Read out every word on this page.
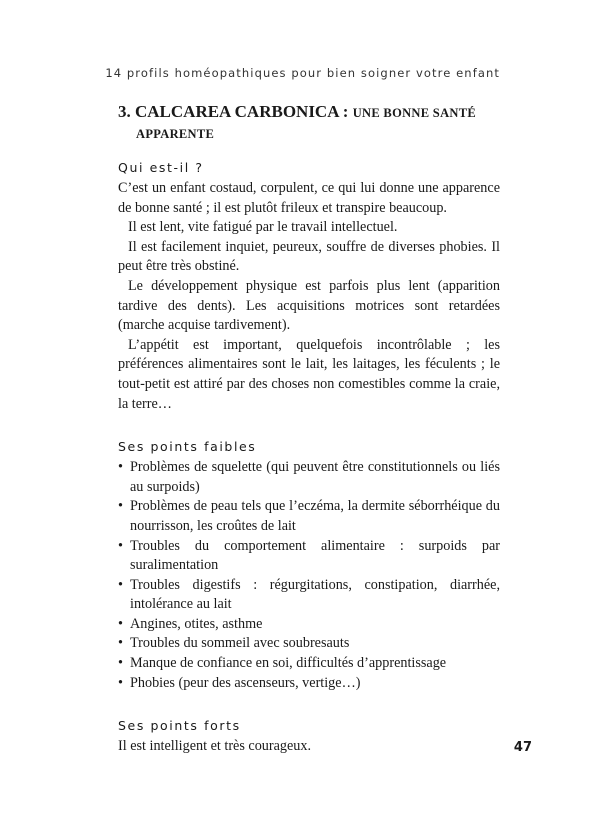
14 profils homéopathiques pour bien soigner votre enfant
3. CALCAREA CARBONICA : UNE BONNE SANTÉ
APPARENTE
Qui est-il ?

C’est un enfant costaud, corpulent, ce qui lui donne une apparence de bonne santé ; il est plutôt frileux et transpire beaucoup.

Il est lent, vite fatigué par le travail intellectuel.

Il est facilement inquiet, peureux, souffre de diverses phobies. Il peut être très obstiné.

Le développement physique est parfois plus lent (apparition tardive des dents). Les acquisitions motrices sont retardées (marche acquise tardivement).

L’appétit est important, quelquefois incontrôlable ; les préférences alimentaires sont le lait, les laitages, les féculents ; le tout-petit est attiré par des choses non comestibles comme la craie, la terre…

Ses points faibles
• Problèmes de squelette (qui peuvent être constitutionnels ou liés au surpoids)
• Problèmes de peau tels que l’eczéma, la dermite séborrhéique du nourrisson, les croûtes de lait
• Troubles du comportement alimentaire : surpoids par suralimentation
• Troubles digestifs : régurgitations, constipation, diarrhée, intolérance au lait
• Angines, otites, asthme
• Troubles du sommeil avec soubresauts
• Manque de confiance en soi, difficultés d’apprentissage
• Phobies (peur des ascenseurs, vertige…)
Ses points forts

Il est intelligent et très courageux.	47
